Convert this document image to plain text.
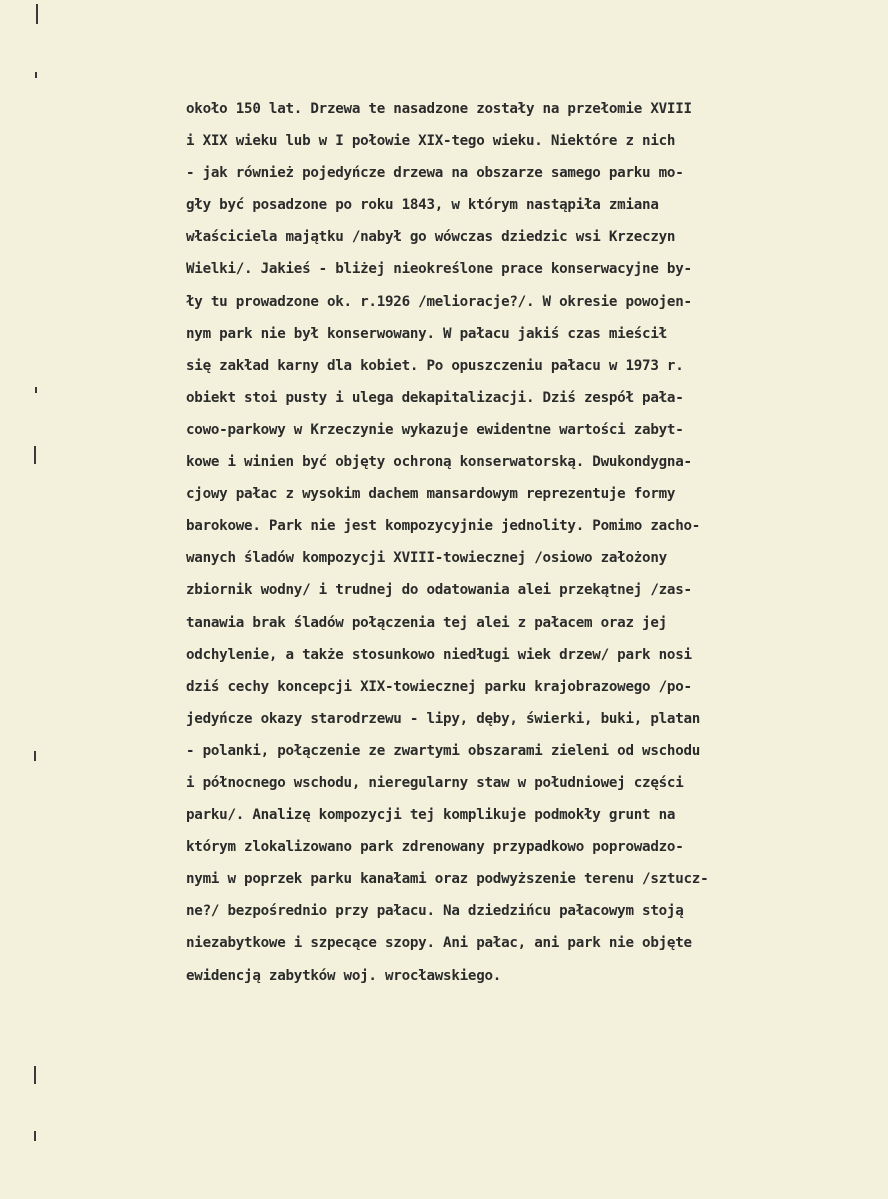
około 150 lat. Drzewa te nasadzone zostały na przełomie XVIII
i XIX wieku lub w I połowie XIX-tego wieku. Niektóre z nich
- jak również pojedyńcze drzewa na obszarze samego parku mo-
gły być posadzone po roku 1843, w którym nastąpiła zmiana
właściciela majątku /nabył go wówczas dziedzic wsi Krzeczyn
Wielki/. Jakieś - bliżej nieokreślone prace konserwacyjne by-
ły tu prowadzone ok. r.1926 /melioracje?/. W okresie powojen-
nym park nie był konserwowany. W pałacu jakiś czas mieścił
się zakład karny dla kobiet. Po opuszczeniu pałacu w 1973 r.
obiekt stoi pusty i ulega dekapitalizacji. Dziś zespół pała-
cowo-parkowy w Krzeczynie wykazuje ewidentne wartości zabyt-
kowe i winien być objęty ochroną konserwatorską. Dwukondygna-
cjowy pałac z wysokim dachem mansardowym reprezentuje formy
barokowe. Park nie jest kompozycyjnie jednolity. Pomimo zacho-
wanych śladów kompozycji XVIII-towiecznej /osiowo założony
zbiornik wodny/ i trudnej do odatowania alei przekątnej /zas-
tanawia brak śladów połączenia tej alei z pałacem oraz jej
odchylenie, a także stosunkowo niedługi wiek drzew/ park nosi
dziś cechy koncepcji XIX-towiecznej parku krajobrazowego /po-
jedyńcze okazy starodrzewu - lipy, dęby, świerki, buki, platan
- polanki, połączenie ze zwartymi obszarami zieleni od wschodu
i północnego wschodu, nieregularny staw w południowej części
parku/. Analizę kompozycji tej komplikuje podmokły grunt na
którym zlokalizowano park zdrenowany przypadkowo poprowadzo-
nymi w poprzek parku kanałami oraz podwyższenie terenu /sztucz-
ne?/ bezpośrednio przy pałacu. Na dziedzińcu pałacowym stoją
niezabytkowe i szpecące szopy. Ani pałac, ani park nie objęte
ewidencją zabytków woj. wrocławskiego.
